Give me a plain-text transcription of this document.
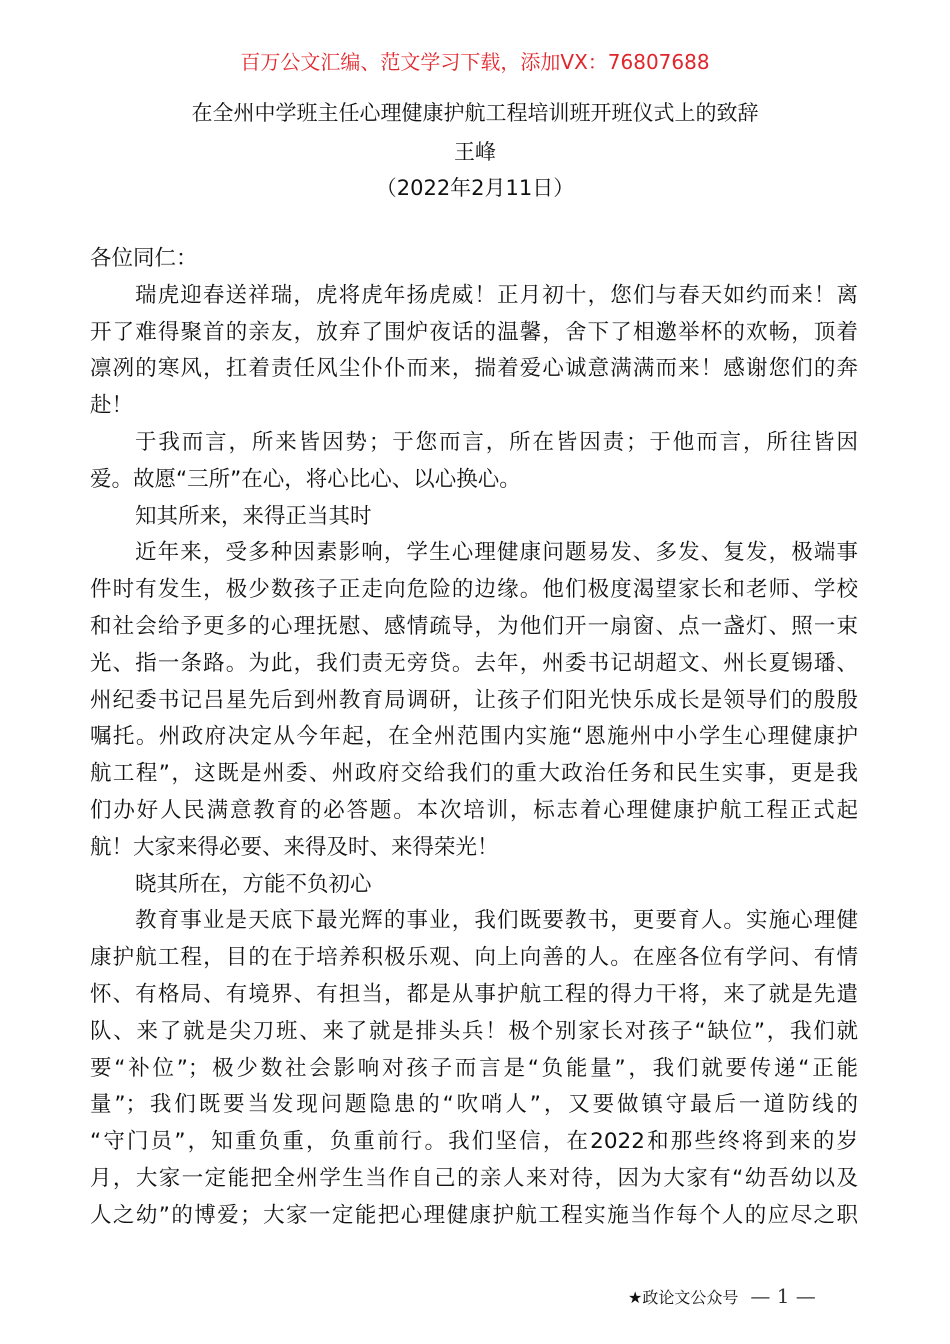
百万公文汇编、范文学习下载，添加VX：76807688
在全州中学班主任心理健康护航工程培训班开班仪式上的致辞
王峰
（2022年2月11日）
各位同仁：
瑞虎迎春送祥瑞，虎将虎年扬虎威！正月初十，您们与春天如约而来！离
开了难得聚首的亲友，放弃了围炉夜话的温馨，舍下了相邀举杯的欢畅，顶着
凛冽的寒风，扛着责任风尘仆仆而来，揣着爱心诚意满满而来！感谢您们的奔
赴！
于我而言，所来皆因势；于您而言，所在皆因责；于他而言，所往皆因
爱。故愿“三所”在心，将心比心、以心换心。
知其所来，来得正当其时
近年来，受多种因素影响，学生心理健康问题易发、多发、复发，极端事
件时有发生，极少数孩子正走向危险的边缘。他们极度渴望家长和老师、学校
和社会给予更多的心理抚慰、感情疏导，为他们开一扇窗、点一盏灯、照一束
光、指一条路。为此，我们责无旁贷。去年，州委书记胡超文、州长夏锡璠、
州纪委书记吕星先后到州教育局调研，让孩子们阳光快乐成长是领导们的殷殷
嘱托。州政府决定从今年起，在全州范围内实施“恩施州中小学生心理健康护
航工程”，这既是州委、州政府交给我们的重大政治任务和民生实事，更是我
们办好人民满意教育的必答题。本次培训，标志着心理健康护航工程正式起
航！大家来得必要、来得及时、来得荣光！
晓其所在，方能不负初心
教育事业是天底下最光辉的事业，我们既要教书，更要育人。实施心理健
康护航工程，目的在于培养积极乐观、向上向善的人。在座各位有学问、有情
怀、有格局、有境界、有担当，都是从事护航工程的得力干将，来了就是先遣
队、来了就是尖刀班、来了就是排头兵！极个别家长对孩子“缺位”，我们就
要“补位”；极少数社会影响对孩子而言是“负能量”，我们就要传递“正能
量”；我们既要当发现问题隐患的“吹哨人”，又要做镇守最后一道防线的
“守门员”，知重负重，负重前行。我们坚信，在2022和那些终将到来的岁
月，大家一定能把全州学生当作自己的亲人来对待，因为大家有“幼吾幼以及
人之幼”的博爱；大家一定能把心理健康护航工程实施当作每个人的应尽之职
★政论文公众号 — 1 —
